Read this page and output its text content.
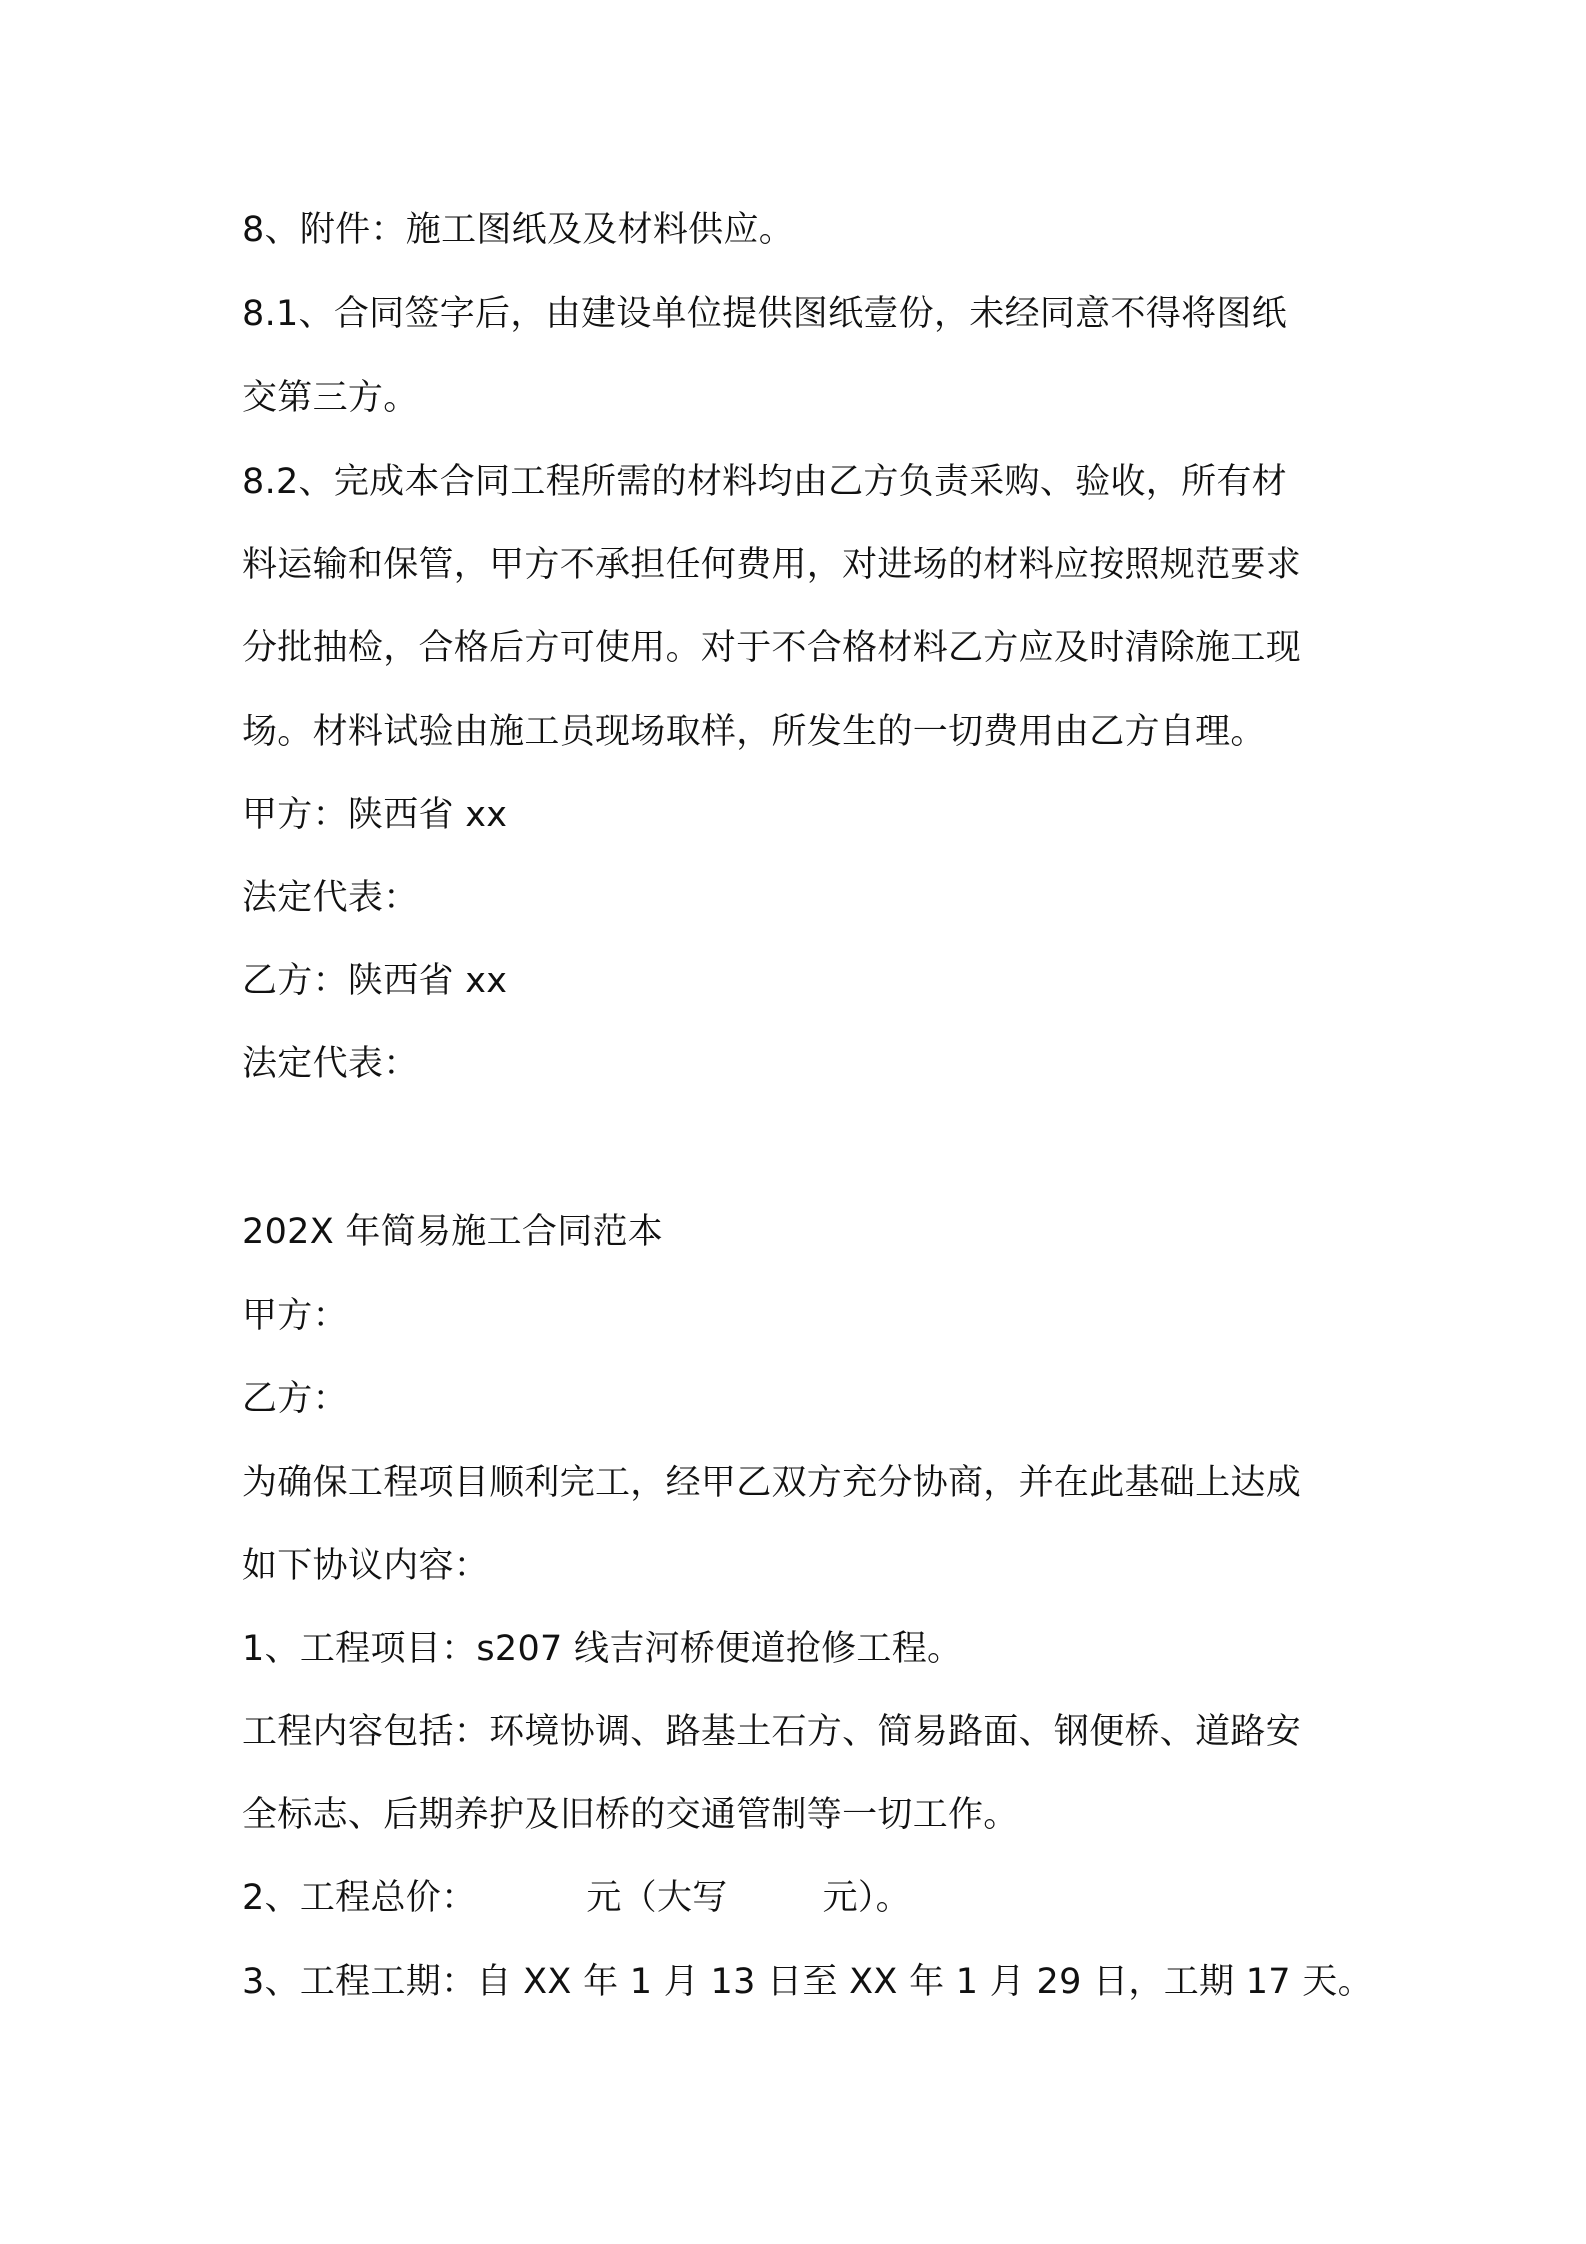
8、附件：施工图纸及及材料供应。
8.1、合同签字后，由建设单位提供图纸壹份，未经同意不得将图纸
交第三方。
8.2、完成本合同工程所需的材料均由乙方负责采购、验收，所有材
料运输和保管，甲方不承担任何费用，对进场的材料应按照规范要求
分批抽检，合格后方可使用。对于不合格材料乙方应及时清除施工现
场。材料试验由施工员现场取样，所发生的一切费用由乙方自理。
甲方：陕西省 xx
法定代表：
乙方：陕西省 xx
法定代表：
202X 年简易施工合同范本
甲方：
乙方：
为确保工程项目顺利完工，经甲乙双方充分协商，并在此基础上达成
如下协议内容：
1、工程项目：s207 线吉河桥便道抢修工程。
工程内容包括：环境协调、路基土石方、简易路面、钢便桥、道路安
全标志、后期养护及旧桥的交通管制等一切工作。
2、工程总价：	元（大写	元）。
3、工程工期：自 XX 年 1 月 13 日至 XX 年 1 月 29 日，工期 17 天。
